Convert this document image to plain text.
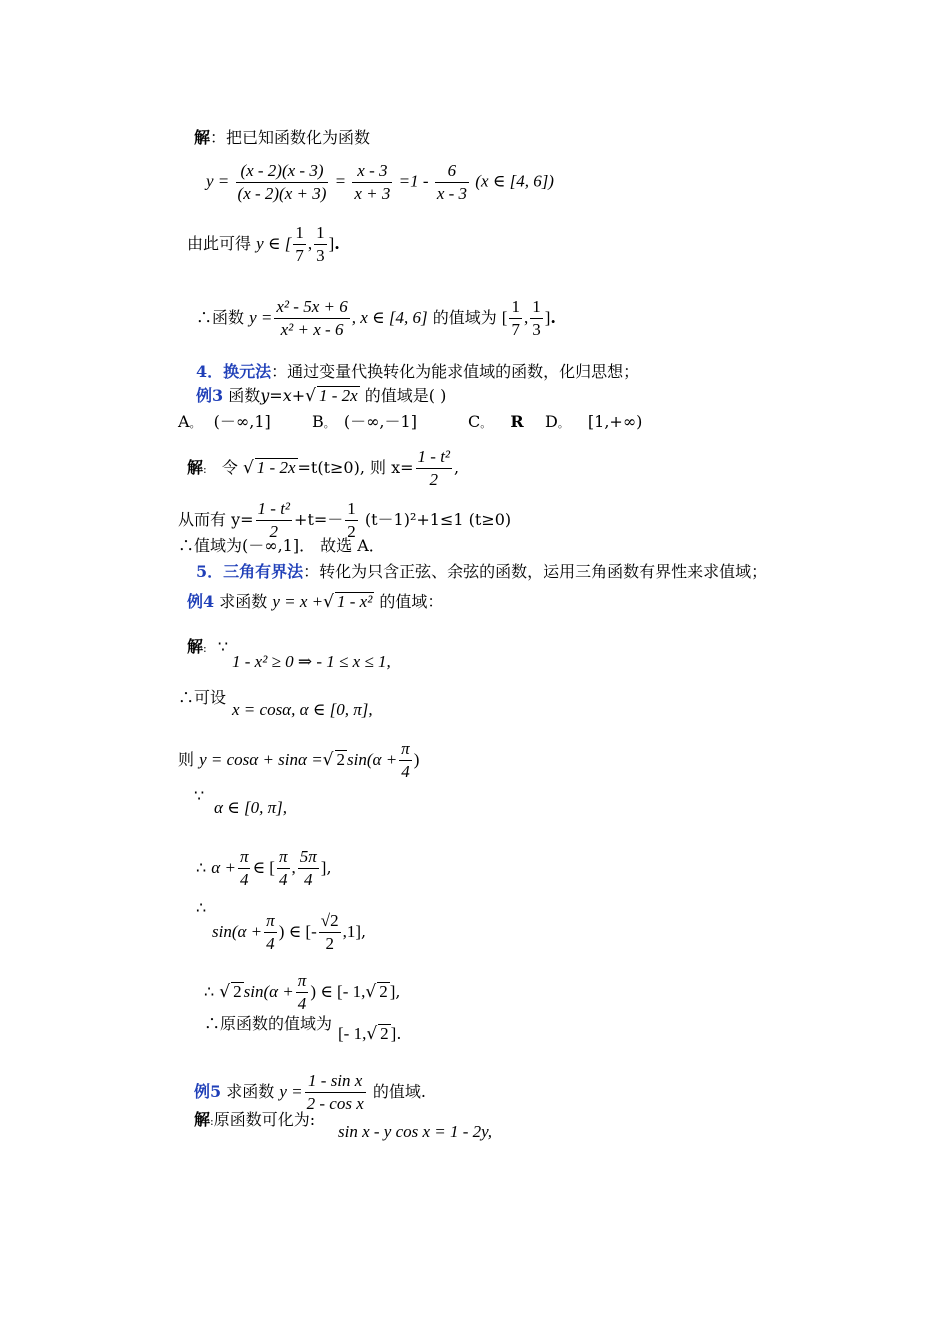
解：把已知函数化为函数
$y = \frac{(x - 2)(x - 3)}{(x - 2)(x + 3)} = \frac{x - 3}{x + 3} =1 - \frac{6}{x - 3} (x$ ∈ [4, 6])
由此可得 y ∈ [ $\frac{1}{7}$ , $\frac{1}{3}$ ].
∴函数 $y = \frac{\text{x² - 5x + 6}}{\text{x² + x - 6}}$ , x ∈ [4, 6] 的值域为 [ $\frac{1}{7}$ , $\frac{1}{3}$ ].
4．换元法：通过变量代换转化为能求值域的函数，化归思想；
例3 函数y=x+√ 1 - 2x 的值域是( )
A。 (－∞,1]	B。 (－∞,－1]	C。 R D。 [1,+∞)
解: 令 √ 1 - 2x =t(t≥0), 则 $x= \frac{\text{1 - t²}}{2}$ ,
从而有 $y= \frac{\text{1 - t²}}{2} +t=- \frac{1}{2} (t-1)^2+1\le 1$ (t≥0)
∴值域为(－∞,1]． 故选 A．
5．三角有界法：转化为只含正弦、余弦的函数，运用三角函数有界性来求值域；
例4 求函数 y = x +√ 1 - x² 的值域：
解: ∵
1 - x² ≥ 0 ⇒ - 1 ≤ x ≤ 1,
∴可设
x = cosα, α ∈ [0, π],
则 y = cosα + sinα =√ 2 $\sin(\alpha + \frac{\pi}{4}$ )
∵
α ∈ [0, π],
∴ $\alpha + \frac{\pi}{4}$ ∈ [ $\frac{\pi}{4}$ , $\frac{5\pi}{4}$ ],
∴
$\sin(\alpha + \frac{\pi}{4}$ ) ∈ [- $\frac{√2}{2} ,1$],
∴ √ 2 $\sin(\alpha + \frac{\pi}{4}$ ) ∈ [- 1,√ 2 ],
∴原函数的值域为
[- 1,√ 2 ].
例5 求函数 $y = \frac{\text{1 - sin x}}{\text{2 - cos x}}$ 的值域.
解:原函数可化为:
sin x - y cos x = 1 - 2y,
